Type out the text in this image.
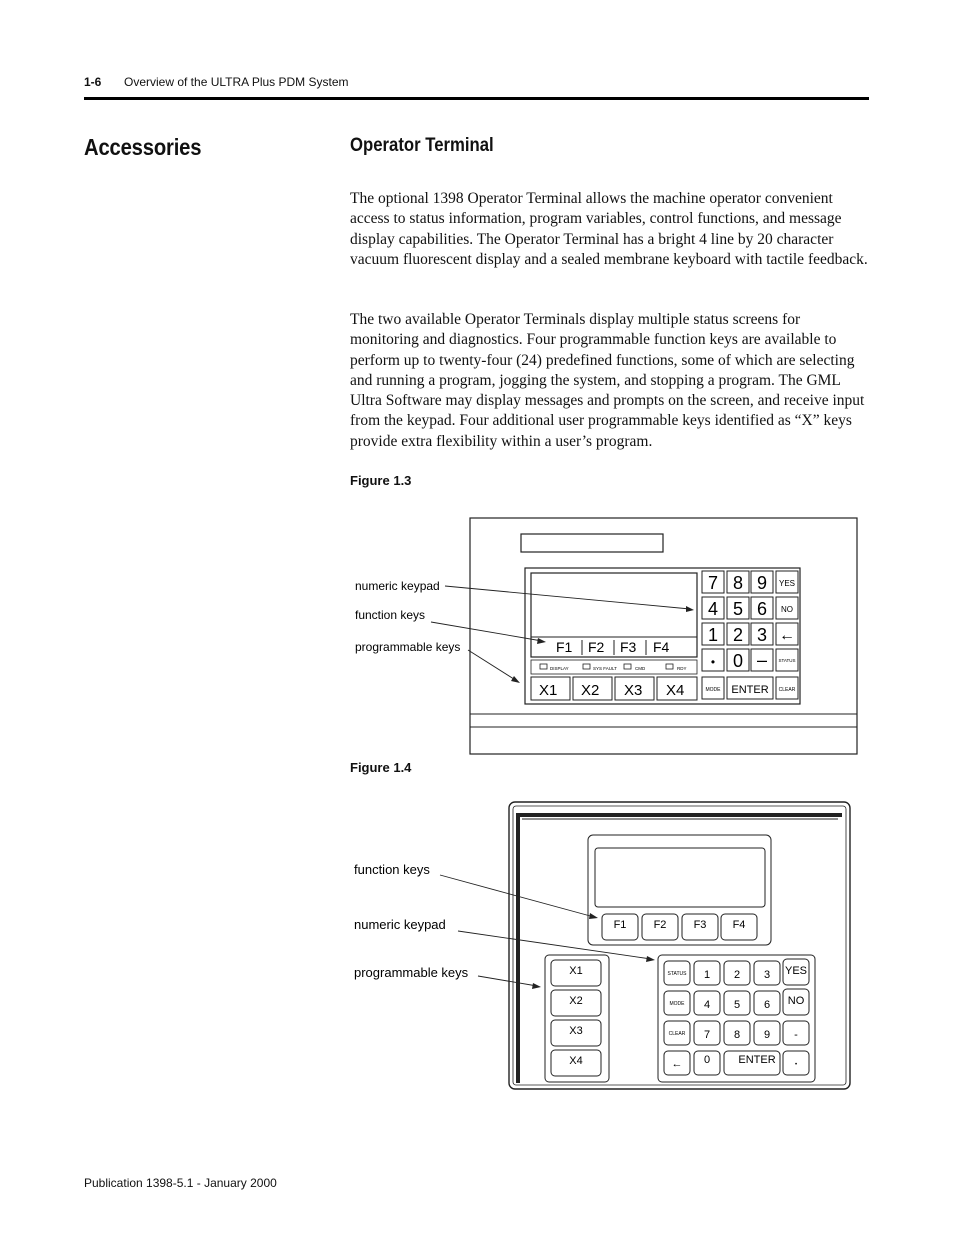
1-6 Overview of the ULTRA Plus PDM System
Accessories	Operator Terminal

The optional 1398 Operator Terminal allows the machine operator convenient access to status information, program variables, control functions, and message display capabilities. The Operator Terminal has a bright 4 line by 20 character vacuum fluorescent display and a sealed membrane keyboard with tactile feedback.

The two available Operator Terminals display multiple status screens for monitoring and diagnostics. Four programmable function keys are available to perform up to twenty-four (24) predefined functions, some of which are selecting and running a program, jogging the system, and stopping a program. The GML Ultra Software may display messages and prompts on the screen, and receive input from the keypad. Four additional user programmable keys identified as “X” keys provide extra flexibility within a user’s program.

Figure 1.3
F1 F2 F3 F4
DISPLAY	SYS FAULT	CMD	RDY
X1 X2 X3 X4
7 8 9 YES
4 5 6 NO
1 2 3 ←
• 0 –	STATUS
MODE ENTER CLEAR
numeric keypad
function keys
programmable keys
Figure 1.4
F1 F2 F3 F4
X1
X2
X3
X4
STATUS 1 2 3 YES
MODE 4 5 6 NO
CLEAR 7 8 9 -
← 0	ENTER	•
function keys
numeric keypad
programmable keys
Publication 1398-5.1 - January 2000
